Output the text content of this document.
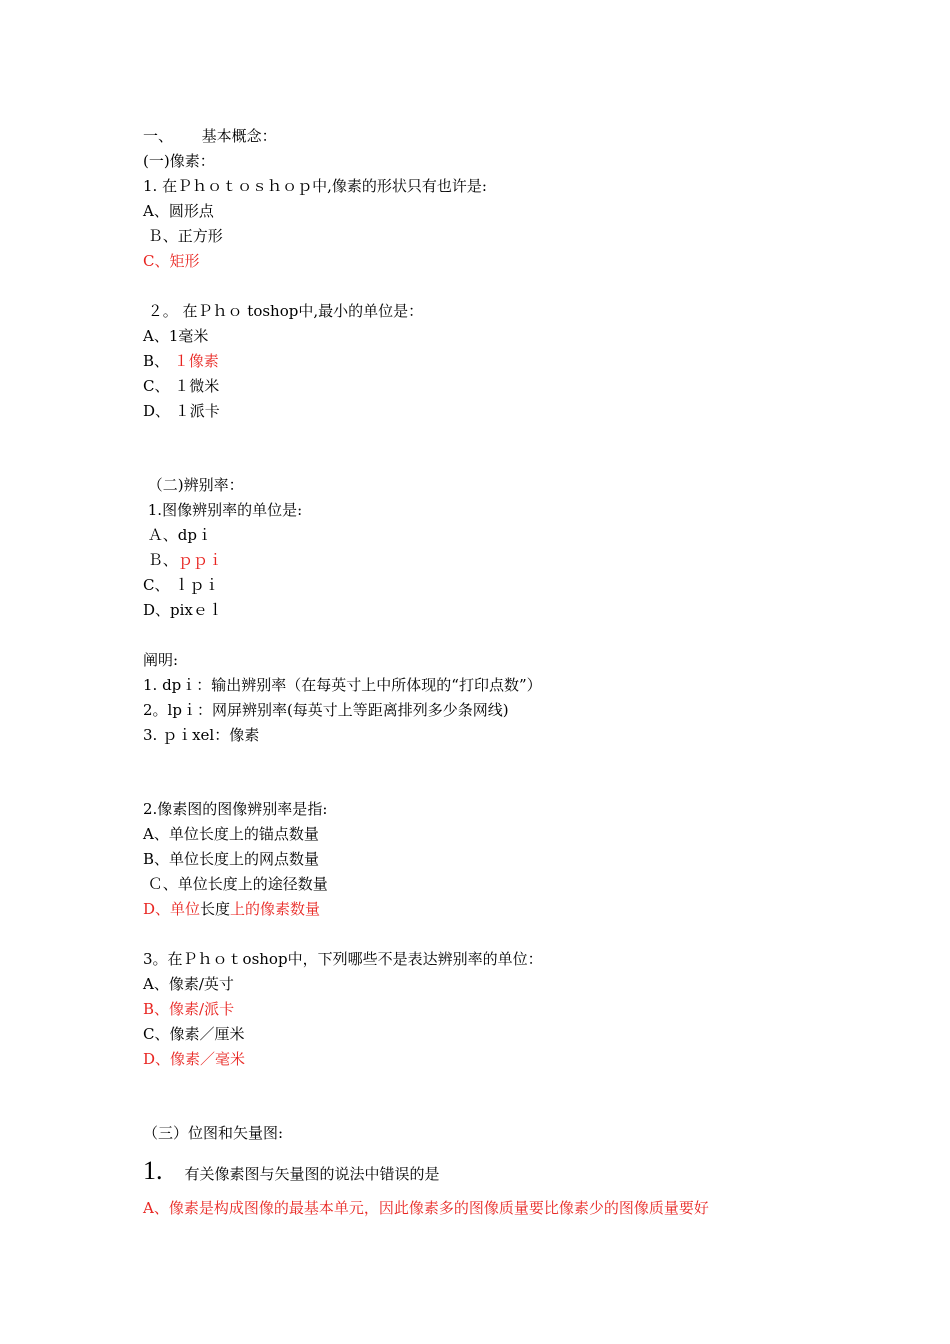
一、      基本概念：
(一)像素：
1. 在Ｐｈｏｔｏｓｈｏｐ中,像素的形状只有也许是:
A、圆形点
Ｂ、正方形
C、矩形
２。 在Ｐｈｏ toshop中,最小的单位是：
A、1毫米
B、 １像素
C、 １微米
D、 １派卡
（二)辨别率：
1.图像辨别率的单位是:
Ａ、dpｉ
Ｂ、ｐｐｉ
C、 ｌｐｉ
D、pixｅｌ
阐明:
1. dpｉ：输出辨别率（在每英寸上中所体现的“打印点数”）
2。lpｉ：网屏辨别率(每英寸上等距离排列多少条网线)
3. ｐｉxel：像素
2.像素图的图像辨别率是指:
A、单位长度上的锚点数量
B、单位长度上的网点数量
Ｃ、单位长度上的途径数量
D、单位长度上的像素数量
3。在Ｐｈｏｔoshop中，下列哪些不是表达辨别率的单位：
A、像素/英寸
B、像素/派卡
C、像素／厘米
D、像素／毫米
（三）位图和矢量图:
1. 有关像素图与矢量图的说法中错误的是
A、像素是构成图像的最基本单元，因此像素多的图像质量要比像素少的图像质量要好
